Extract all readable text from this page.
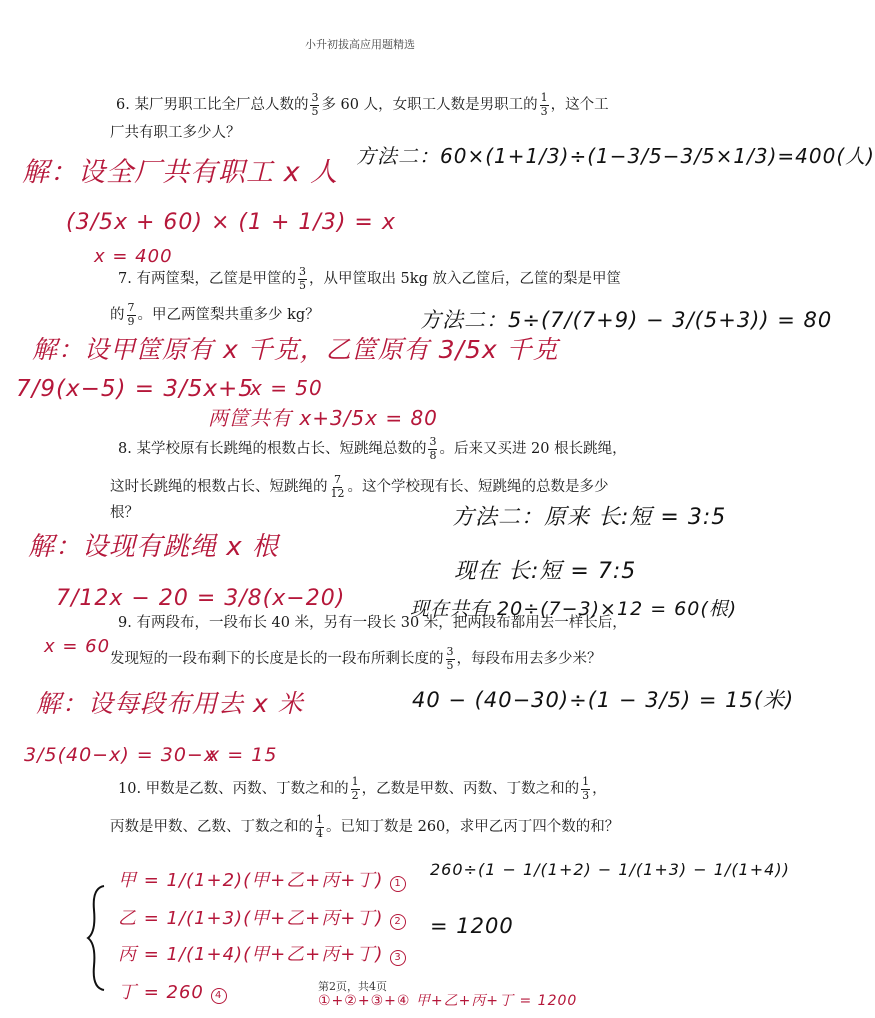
小升初拔高应用题精选
6. 某厂男职工比全厂总人数的 $\frac{3}{5}$ 多 60 人，女职工人数是男职工的 $\frac{1}{3}$ ，这个工
厂共有职工多少人？
解：设全厂共有职工 x 人
方法二：60×(1+1/3)÷(1−3/5−3/5×1/3)=400(人)
(3/5x + 60) × (1 + 1/3) = x
x = 400
7. 有两筐梨，乙筐是甲筐的 $\frac{3}{5}$ ，从甲筐取出 5kg 放入乙筐后，乙筐的梨是甲筐
的 $\frac{7}{9}$ 。甲乙两筐梨共重多少 kg？	方法二：5÷(7/(7+9) − 3/(5+3)) = 80
解：设甲筐原有 x 千克，乙筐原有 3/5x 千克
7/9(x−5) = 3/5x+5
x = 50
两筐共有 x+3/5x = 80
8. 某学校原有长跳绳的根数占长、短跳绳总数的 $\frac{3}{8}$ 。后来又买进 20 根长跳绳，
这时长跳绳的根数占长、短跳绳的 $\frac{7}{12}$ 。这个学校现有长、短跳绳的总数是多少
根？	方法二：原来 长:短 = 3:5
现在 长:短 = 7:5
现在共有 20÷(7−3)×12 = 60(根)
解：设现有跳绳 x 根
7/12x − 20 = 3/8(x−20)
x = 60
9. 有两段布，一段布长 40 米，另有一段长 30 米，把两段布都用去一样长后，
发现短的一段布剩下的长度是长的一段布所剩长度的 $\frac{3}{5}$ ，每段布用去多少米？
40 − (40−30)÷(1 − 3/5) = 15(米)
解：设每段布用去 x 米
3/5(40−x) = 30−x
x = 15
10. 甲数是乙数、丙数、丁数之和的 $\frac{1}{2}$ ，乙数是甲数、丙数、丁数之和的 $\frac{1}{3}$ ，
丙数是甲数、乙数、丁数之和的 $\frac{1}{4}$ 。已知丁数是 260，求甲乙丙丁四个数的和？
甲 = 1/(1+2)(甲+乙+丙+丁) 1
乙 = 1/(1+3)(甲+乙+丙+丁) 2
丙 = 1/(1+4)(甲+乙+丙+丁) 3
丁 = 260 4
260÷(1 − 1/(1+2) − 1/(1+3) − 1/(1+4))
= 1200
第2页，共4页
①+②+③+④ 甲+乙+丙+丁 = 1200
